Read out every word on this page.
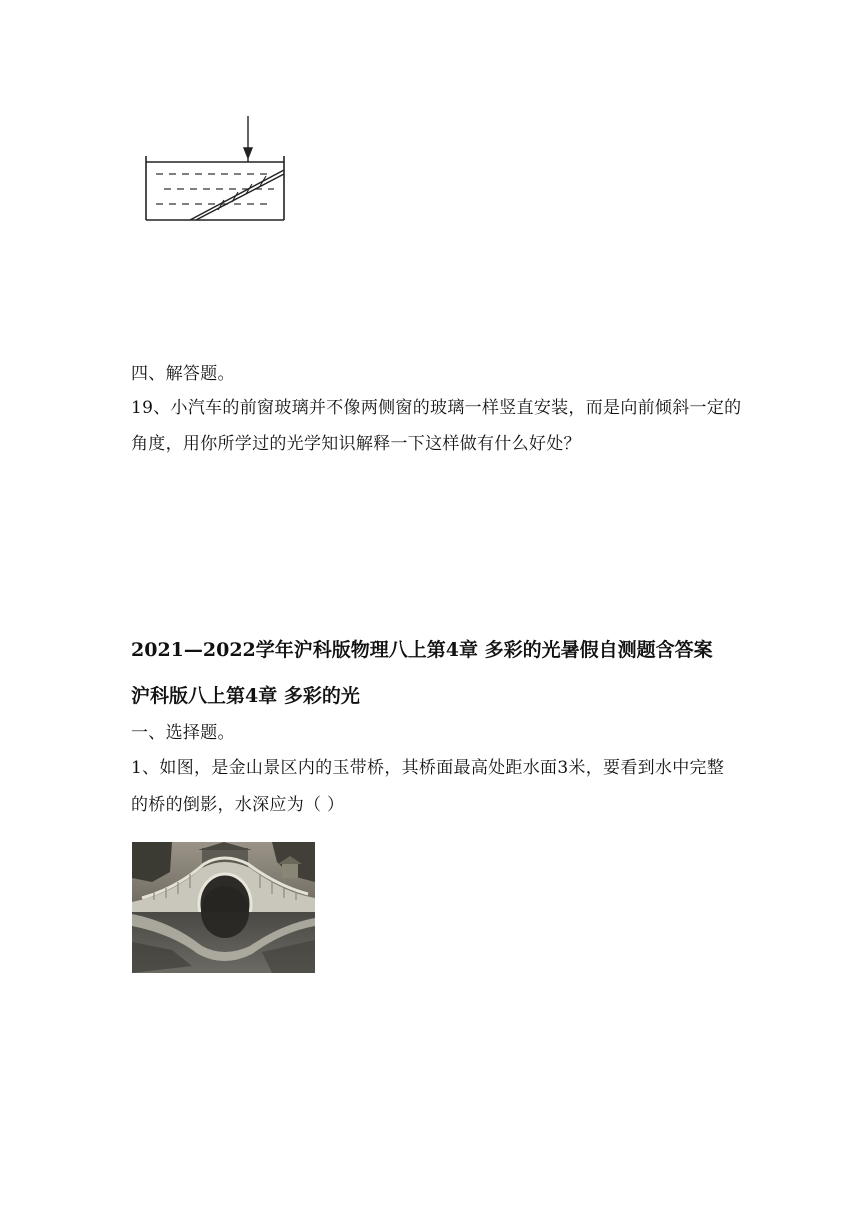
四、解答题。
19、小汽车的前窗玻璃并不像两侧窗的玻璃一样竖直安装，而是向前倾斜一定的
角度，用你所学过的光学知识解释一下这样做有什么好处？
2021—2022学年沪科版物理八上第4章 多彩的光暑假自测题含答案
沪科版八上第4章 多彩的光
一、选择题。
1、如图，是金山景区内的玉带桥，其桥面最高处距水面3米，要看到水中完整
的桥的倒影，水深应为（ ）
